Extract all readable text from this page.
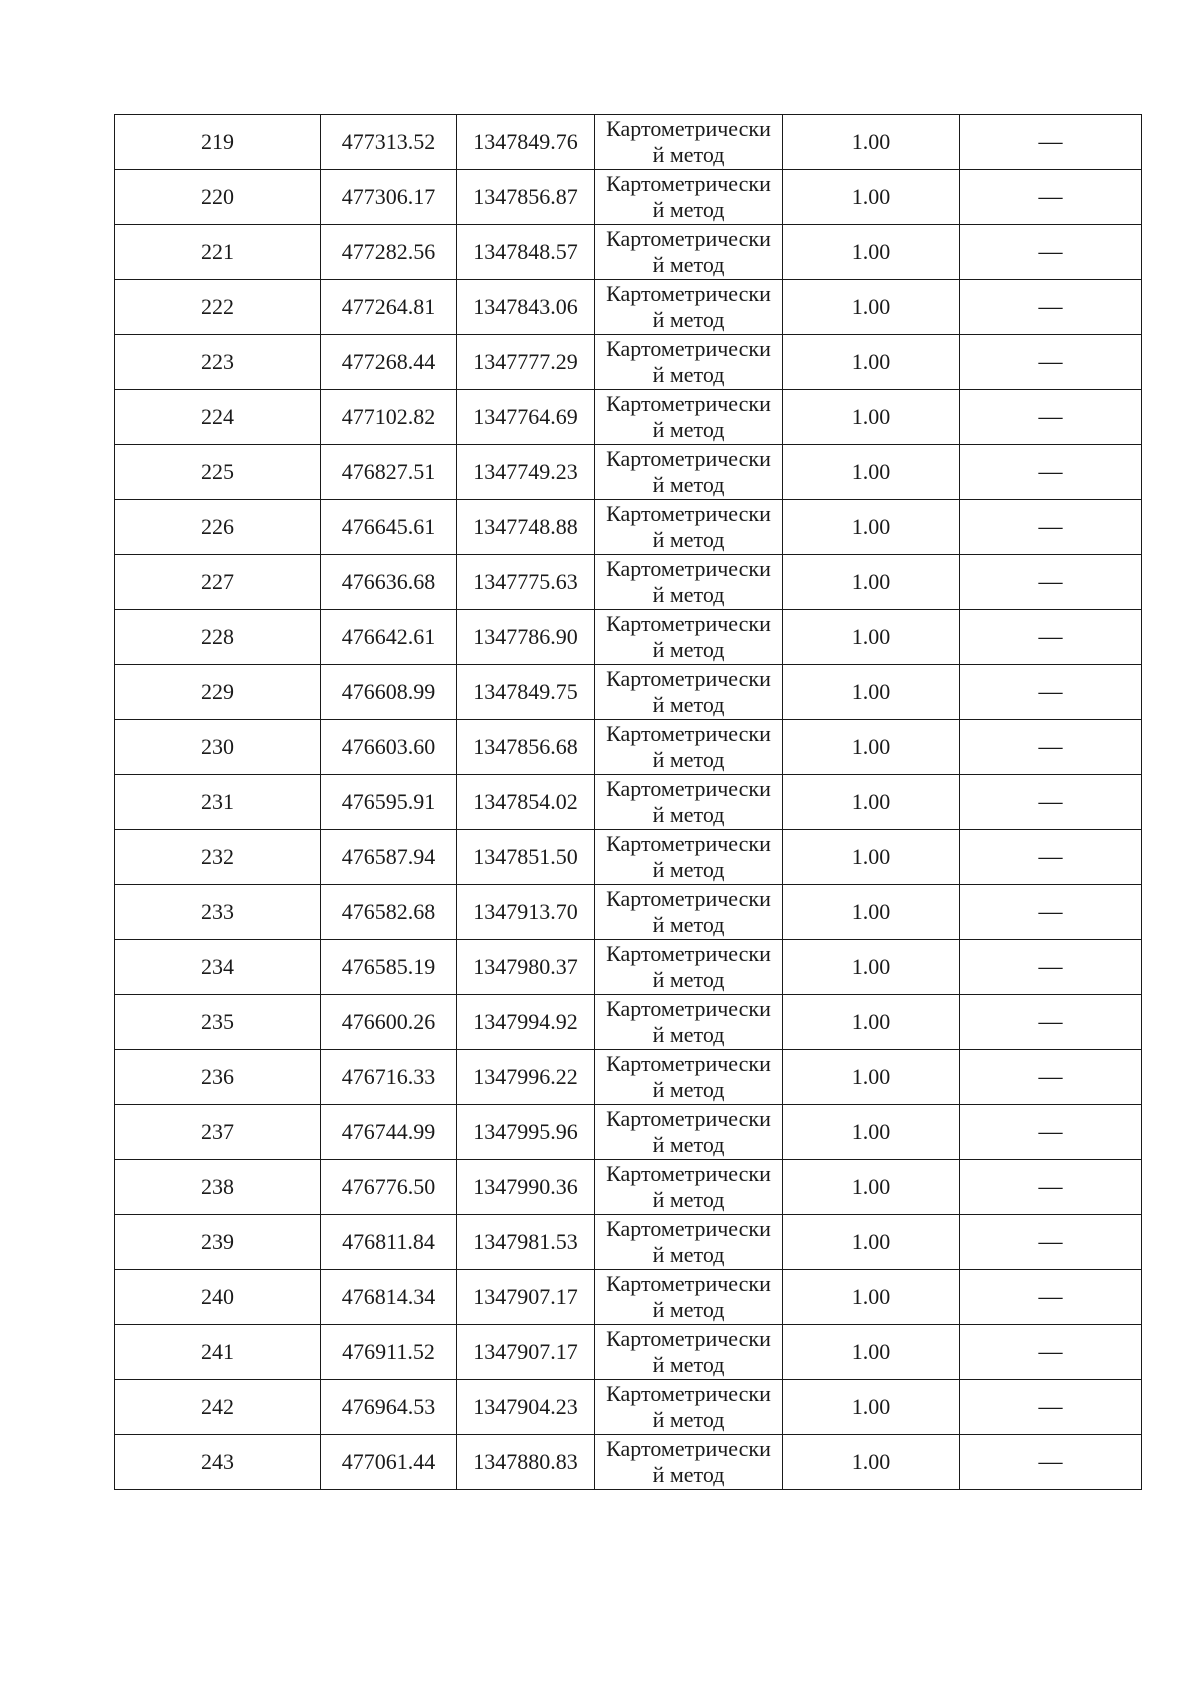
219	477313.52	1347849.76	Картометрически
й метод	1.00	—
220	477306.17	1347856.87	Картометрически
й метод	1.00	—
221	477282.56	1347848.57	Картометрически
й метод	1.00	—
222	477264.81	1347843.06	Картометрически
й метод	1.00	—
223	477268.44	1347777.29	Картометрически
й метод	1.00	—
224	477102.82	1347764.69	Картометрически
й метод	1.00	—
225	476827.51	1347749.23	Картометрически
й метод	1.00	—
226	476645.61	1347748.88	Картометрически
й метод	1.00	—
227	476636.68	1347775.63	Картометрически
й метод	1.00	—
228	476642.61	1347786.90	Картометрически
й метод	1.00	—
229	476608.99	1347849.75	Картометрически
й метод	1.00	—
230	476603.60	1347856.68	Картометрически
й метод	1.00	—
231	476595.91	1347854.02	Картометрически
й метод	1.00	—
232	476587.94	1347851.50	Картометрически
й метод	1.00	—
233	476582.68	1347913.70	Картометрически
й метод	1.00	—
234	476585.19	1347980.37	Картометрически
й метод	1.00	—
235	476600.26	1347994.92	Картометрически
й метод	1.00	—
236	476716.33	1347996.22	Картометрически
й метод	1.00	—
237	476744.99	1347995.96	Картометрически
й метод	1.00	—
238	476776.50	1347990.36	Картометрически
й метод	1.00	—
239	476811.84	1347981.53	Картометрически
й метод	1.00	—
240	476814.34	1347907.17	Картометрически
й метод	1.00	—
241	476911.52	1347907.17	Картометрически
й метод	1.00	—
242	476964.53	1347904.23	Картометрически
й метод	1.00	—
243	477061.44	1347880.83	Картометрически
й метод	1.00	—
